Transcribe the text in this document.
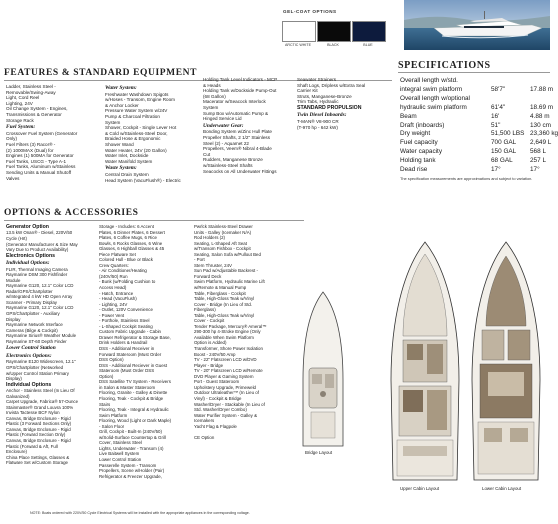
GEL-COAT OPTIONS
ARCTIC WHITE	BLACK	BLUE
FEATURES & STANDARD EQUIPMENT
Ladder, Stainless Steel -
Removable/Swing-Away
Light, Cord Reel
Lighting, 24V
Oil Change System - Engines,
Transmissions & Generator
Storage Rack
Fuel System:
Crossover Fuel System (Generator
Only)
Fuel Filters (3) Racor® -
(2) 1000MAX (Dual) for
Engines (1) 500MA for Generator
Fuel Tanks, USCG - Type A-1
Fuel Tanks, Aluminum w/Stainless
Sending Units & Manual Shutoff
Valves
Water System:
Freshwater Washdown Spigots
w/Hoses - Transom, Engine Room
& Anchor Locker
Pressure Water System w/24V
Pump & Charcoal Filtration
System
Shower, Cockpit - Single Lever Hot
& Cold w/Stainless-Steel Door,
Braided Hose & Ergonomic
Shower Wand
Water Heater, 24V (20 Gallon)
Water Inlet, Dockside
Water Manifold System
Waste System:
Central Drain System
Head System (VacuFlush®) - Electric
Holding Tank Level Indicators - MCP
& Heads
Holding Tank w/Dockside Pump-Out
(68 Gallon)
Macerator w/Seacock Interlock
System
Sump Box w/Automatic Pump &
Hinged Service Lid
Underwater Gear:
Bonding System w/Zinc Hull Plate
Propeller Shafts, 2 1/2" Stainless
Steel (2) - Aquamet 22
Propellers, Veem® Nibral 4-Blade
Cut
Rudders, Manganese Bronze
w/Stainless-Steel Shafts
Seacocks on All Underwater Fittings
Seawater Strainers
Shaft Logs, Dripless w/Extra Seal
Carrier Kit
Struts, Manganese-Bronze
Trim Tabs, Hydraulic
STANDARD PROPULSION
Twin Diesel Inboards:
T-MAN® V8-900 CR
(T-970 hp - 642 kW)
SPECIFICATIONS
Overall length w/std.
integral swim platform	58'7"	17.88 m
Overall length w/optional
hydraulic swim platform	61'4"	18.69 m
Beam	16'	4.88 m
Draft (inboards)	51"	130 cm
Dry weight	51,500 LBS 23,360 kg
Fuel capacity	700 GAL 2,649 L
Water capacity	150 GAL 568 L
Holding tank	68 GAL	257 L
Dead rise	17°	17°
The specification measurements are approximations and subject to variation.
OPTIONS & ACCESSORIES
Generator Option
13.5 kW Onan® - Diesel, 220V/50
Cycle (Hrt)
(Generator Manufacturer & Size May
Vary Due to Product Availability)
Electronics Options
Individual Options:
FLIR, Thermal Imaging Camera
Raymarine DSM 300 Fishfinder
Module
Raymarine G120, 12.1" Color LCD
Radar/GPS/Chartplotter
w/Integrated 4 kW HD Open Array
Scanner - Primary Display
Raymarine G120, 12.1" Color LCD
GPS/Chartplotter - Auxiliary
Display
Raymarine Network Interface
Cameras (Bilge & Cockpit)
Raymarine Sirius® Weather Module
Raymarine ST-60 Depth Finder
Lower Control Station
Electronics Options:
Raymarine E120 Widescreen, 12.1"
GPS/Chartplotter (Networked
w/Upper Control Station Primary
Display)
Individual Options
Anchor - Stainless Steel (In Lieu Of
Galvanized)
Carpet Upgrade, Fabrica® 57-Ounce
Stainmaster® Grand Louvra 100%
Invista Tactesse BCF Nylon
Canvas, Bridge Enclosure - Rigid
Plastic (3 Forward Sections Only)
Canvas, Bridge Enclosure - Rigid
Plastic (Forward Section Only)
Canvas, Bridge Enclosure - Rigid
Plastic (Forward & Aft, Full
Enclosure)
China Place Settings, Glasses &
Flatware Set w/Custom Storage
Storage - Includes: 6 Accent
Plates, 6 Dinner Plates, 6 Dessert
Plates, 6 Coffee Mugs, 6 Rice
Bowls, 6 Rocks Glasses, 6 Wine
Glasses, 6 Highball Glasses & 45
Piece Flatware Set
Colored Hull - Blue or Black
Crew Quarters:
- Air Conditioner/Heating
(240V/50) Run
- Bunk (w/Folding Cushion to
Access Head)
- Hatch, Entrance
- Head (VacuFlush)
- Lighting, 24V
- Outlet, 120V Convenience
- Power Vent
- Porthole, Stainless Steel
- L-Shaped Cockpit Seating
Custom Fabric Upgrade - Cabin
Drawer Refrigerator & Storage Base,
Drink Holders & Handrail
DSS - Additional Receiver in
Forward Stateroom (Must Order
DSS Option)
DSS - Additional Reciever in Guest
Stateroom (Must Order DSS
Option)
DSS Satellite TV System - Receivers
in Salon & Master Stateroom
Flooring, Granite - Galley & Dinette
Flooring, Teak - Cockpit & Bridge
Stairs
Flooring, Teak - Integral & Hydraulic
Swim Platform
Flooring, Wood (Light or Dark Maple)
- Salon Floor
Grill, Cockpit - Built-In (240V/50)
w/Solid-Surface Countertop & Grill
Cover, Stainless Steel
Lights, Underwater - Transom (4)
Live Baitwell System
Lower Control Station
Passerelle System - Transom
Propellers, Scene w/Holder (Pair)
Refrigerator & Freezer Upgrade,
Pwrlck Stainless-Steel Drawer
Units - Galley (Icemaker N/A)
Rod Holders (2)
Seating, L-Shaped Aft Seat
w/Transom Fishbox - Cockpit
Seating, Salon Sofa w/Pullout Bed
- Port
Stern Thruster, 24V
Sun Pad w/Adjustable Backrest -
Forward Deck
Swim Platform, Hydraulic Marine Lift
w/Remote & Manual Pump
Table, Fiberglass - Cockpit
Table, High-Gloss Teak w/Vinyl
Cover - Bridge (In Lieu of Std.
Fiberglass)
Table, High-Gloss Teak w/Vinyl
Cover - Cockpit
Tender Package, Mercury® Ameral™
290-300 hp 4-Stroke Engine (Only
Available When Swim Platform
Option is Added)
Transformer, Shore Power Isolation
Boost - 240V/50 Amp
TV - 22" Flatscreen LCD w/DVD
Player - Bridge
TV - 20" Flatscreen LCD w/Remote
DVD Player & Gaming System
Port - Guest Stateroom
Upholstery Upgrade, Primeweld
Outdoor Ultraleather™ (In Lieu of
Vinyl) - Cockpit & Bridge
Washer/Dryer - Stackable (In Lieu of
Std. Washer/Dryer Combo)
Water Purifier System - Galley &
Icemakers
Yacht Flag & Flagpole

CE Option
NOTE: Boats ordered with 220V/50 Cycle Electrical Systems will be installed with the appropriate appliances in the corresponding voltage.
Bridge Layout
Upper Cabin Layout	Lower Cabin Layout
